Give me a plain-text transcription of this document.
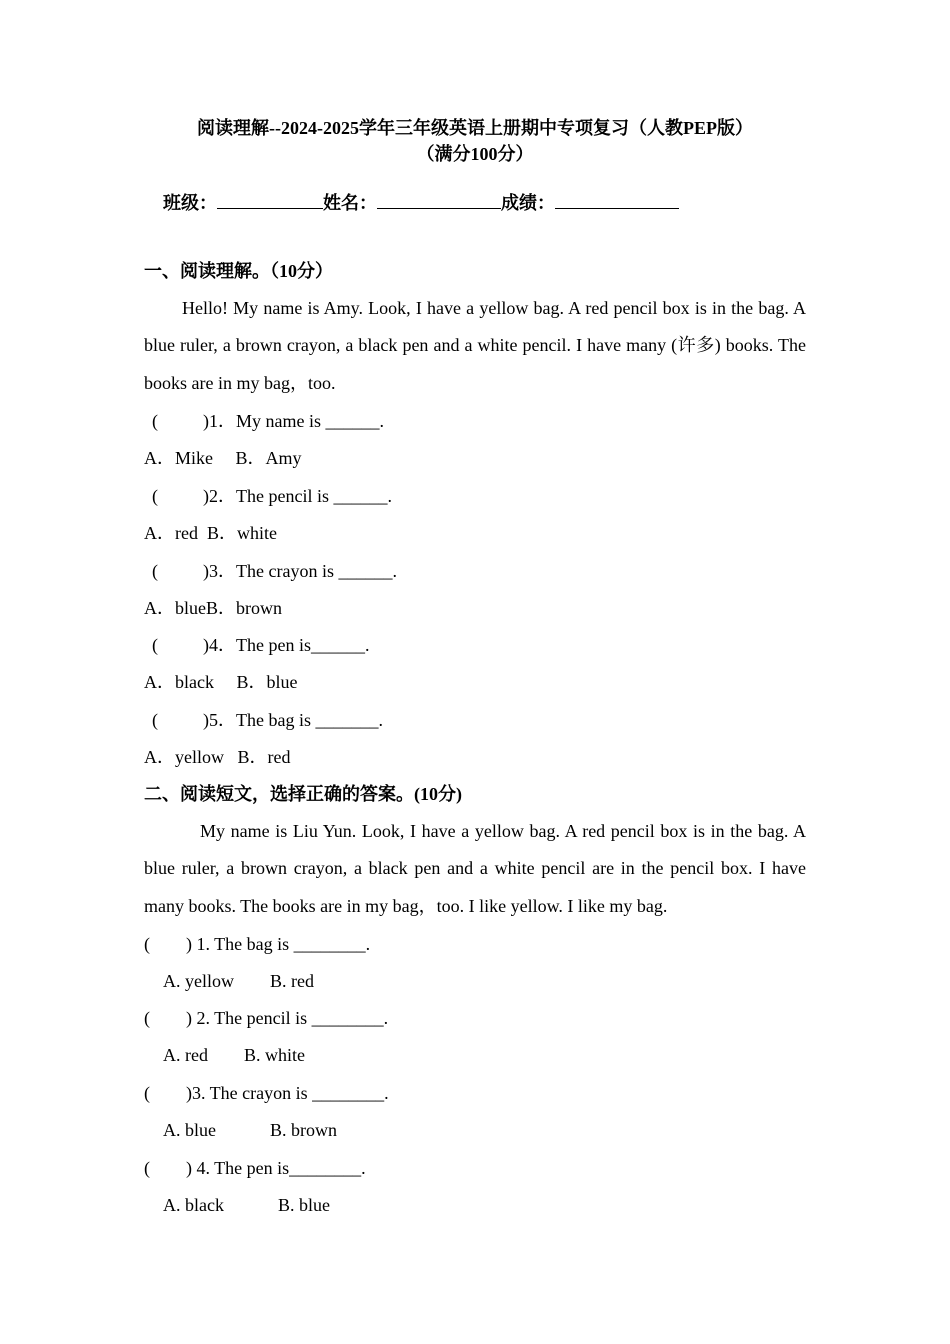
阅读理解--2024-2025学年三年级英语上册期中专项复习（人教PEP版）
（满分100分）
班级：	姓名：	成绩：
一、阅读理解。（10分）
Hello! My name is Amy. Look, I have a yellow bag. A red pencil box is in the bag. A blue ruler, a brown crayon, a black pen and a white pencil. I have many (许多) books. The books are in my bag，too.
(          )1．My name is ______.
A．Mike     B．Amy
(          )2．The pencil is ______.
A．red  B．white
(          )3．The crayon is ______.
A．blueB．brown
(          )4．The pen is______.
A．black     B．blue
(          )5．The bag is _______.
A．yellow   B．red
二、阅读短文，选择正确的答案。(10分)
My name is Liu Yun. Look, I have a yellow bag. A red pencil box is in the bag. A blue ruler, a brown crayon, a black pen and a white pencil are in the pencil box. I have many books. The books are in my bag，too. I like yellow. I like my bag.
(        ) 1. The bag is ________.
A. yellow        B. red
(        ) 2. The pencil is ________.
A. red        B. white
(        )3. The crayon is ________.
A. blue            B. brown
(        ) 4. The pen is________.
A. black            B. blue
